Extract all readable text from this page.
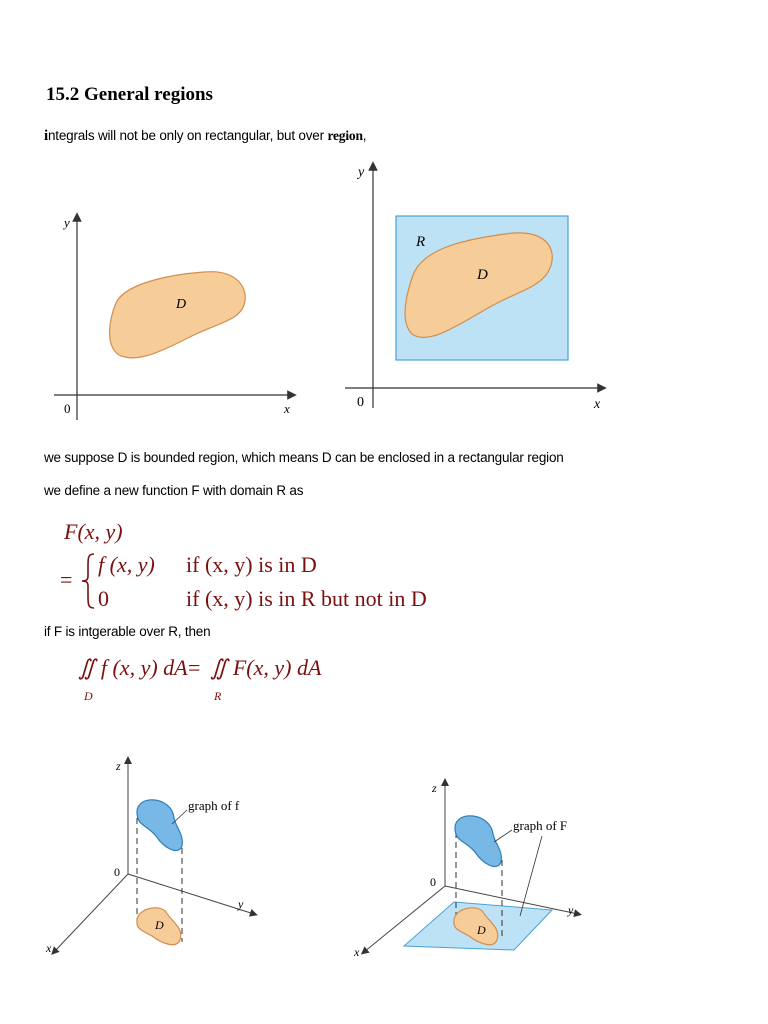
15.2 General regions
integrals will not be only on rectangular, but over region,
y
x
0
D
y
x
0
R
D
we suppose D is bounded region, which means D can be enclosed in a rectangular region
we define a new function F with domain R as
F(x, y)
=
f (x, y) if (x, y) is in D
0	if (x, y) is in R but not in D
if F is intgerable over R, then
∬ f (x, y) dA = ∬ F(x, y) dA
D	R
z
y
x
0
D
graph of f
z
y
x
0
D
graph of F
